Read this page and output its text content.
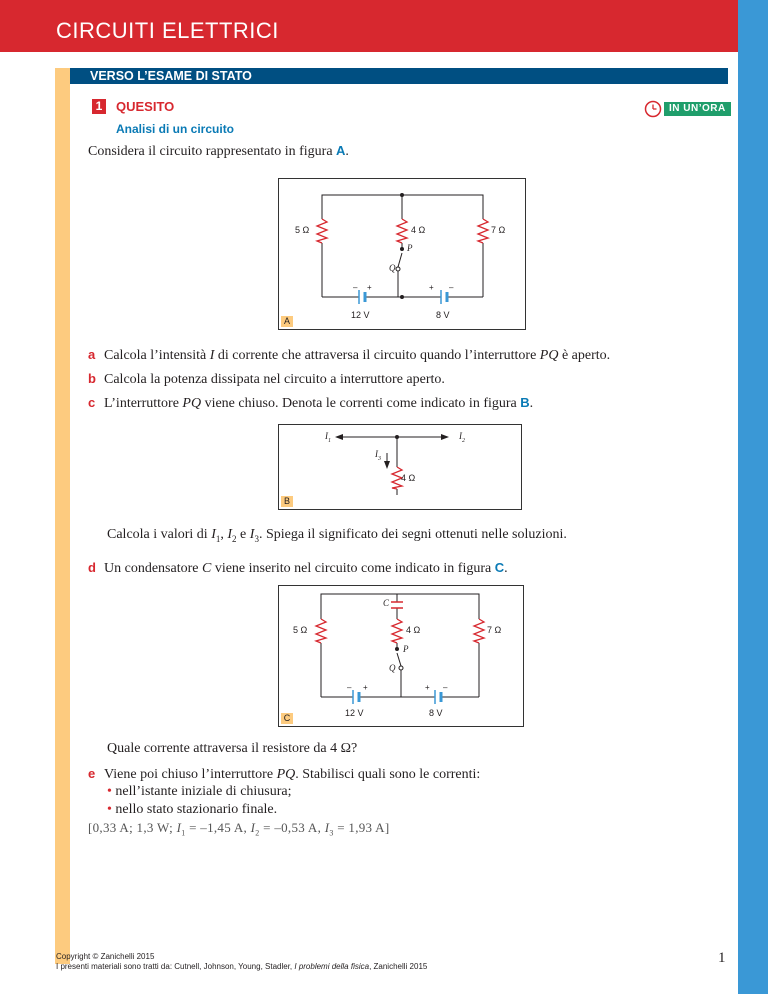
CIRCUITI ELETTRICI
VERSO L’ESAME DI STATO
1 QUESITO
Analisi di un circuito
IN UN’ORA
Considera il circuito rappresentato in figura A.
5 Ω	4 Ω	7 Ω
P
Q
– +	+ –
12 V	8 V
A
a Calcola l’intensità I di corrente che attraversa il circuito quando l’interruttore PQ è aperto.
b Calcola la potenza dissipata nel circuito a interruttore aperto.
c L’interruttore PQ viene chiuso. Denota le correnti come indicato in figura B.
$I_1$	$I_2$
$I_3$
4 Ω
B
Calcola i valori di $I_1$, $I_2$ e $I_3$. Spiega il significato dei segni ottenuti nelle soluzioni.
d Un condensatore C viene inserito nel circuito come indicato in figura C.
C
5 Ω	4 Ω	7 Ω
P
Q
– +	+ –
12 V	8 V
C
Quale corrente attraversa il resistore da 4 Ω?
e Viene poi chiuso l’interruttore PQ. Stabilisci quali sono le correnti:
• nell’istante iniziale di chiusura;
• nello stato stazionario finale.
[0,33 A; 1,3 W; $I_1 = -1,45$ A, $I_2 = -0,53$ A, $I_3 = 1,93$ A]
Copyright © Zanichelli 2015
I presenti materiali sono tratti da: Cutnell, Johnson, Young, Stadler, I problemi della fisica, Zanichelli 2015
1
